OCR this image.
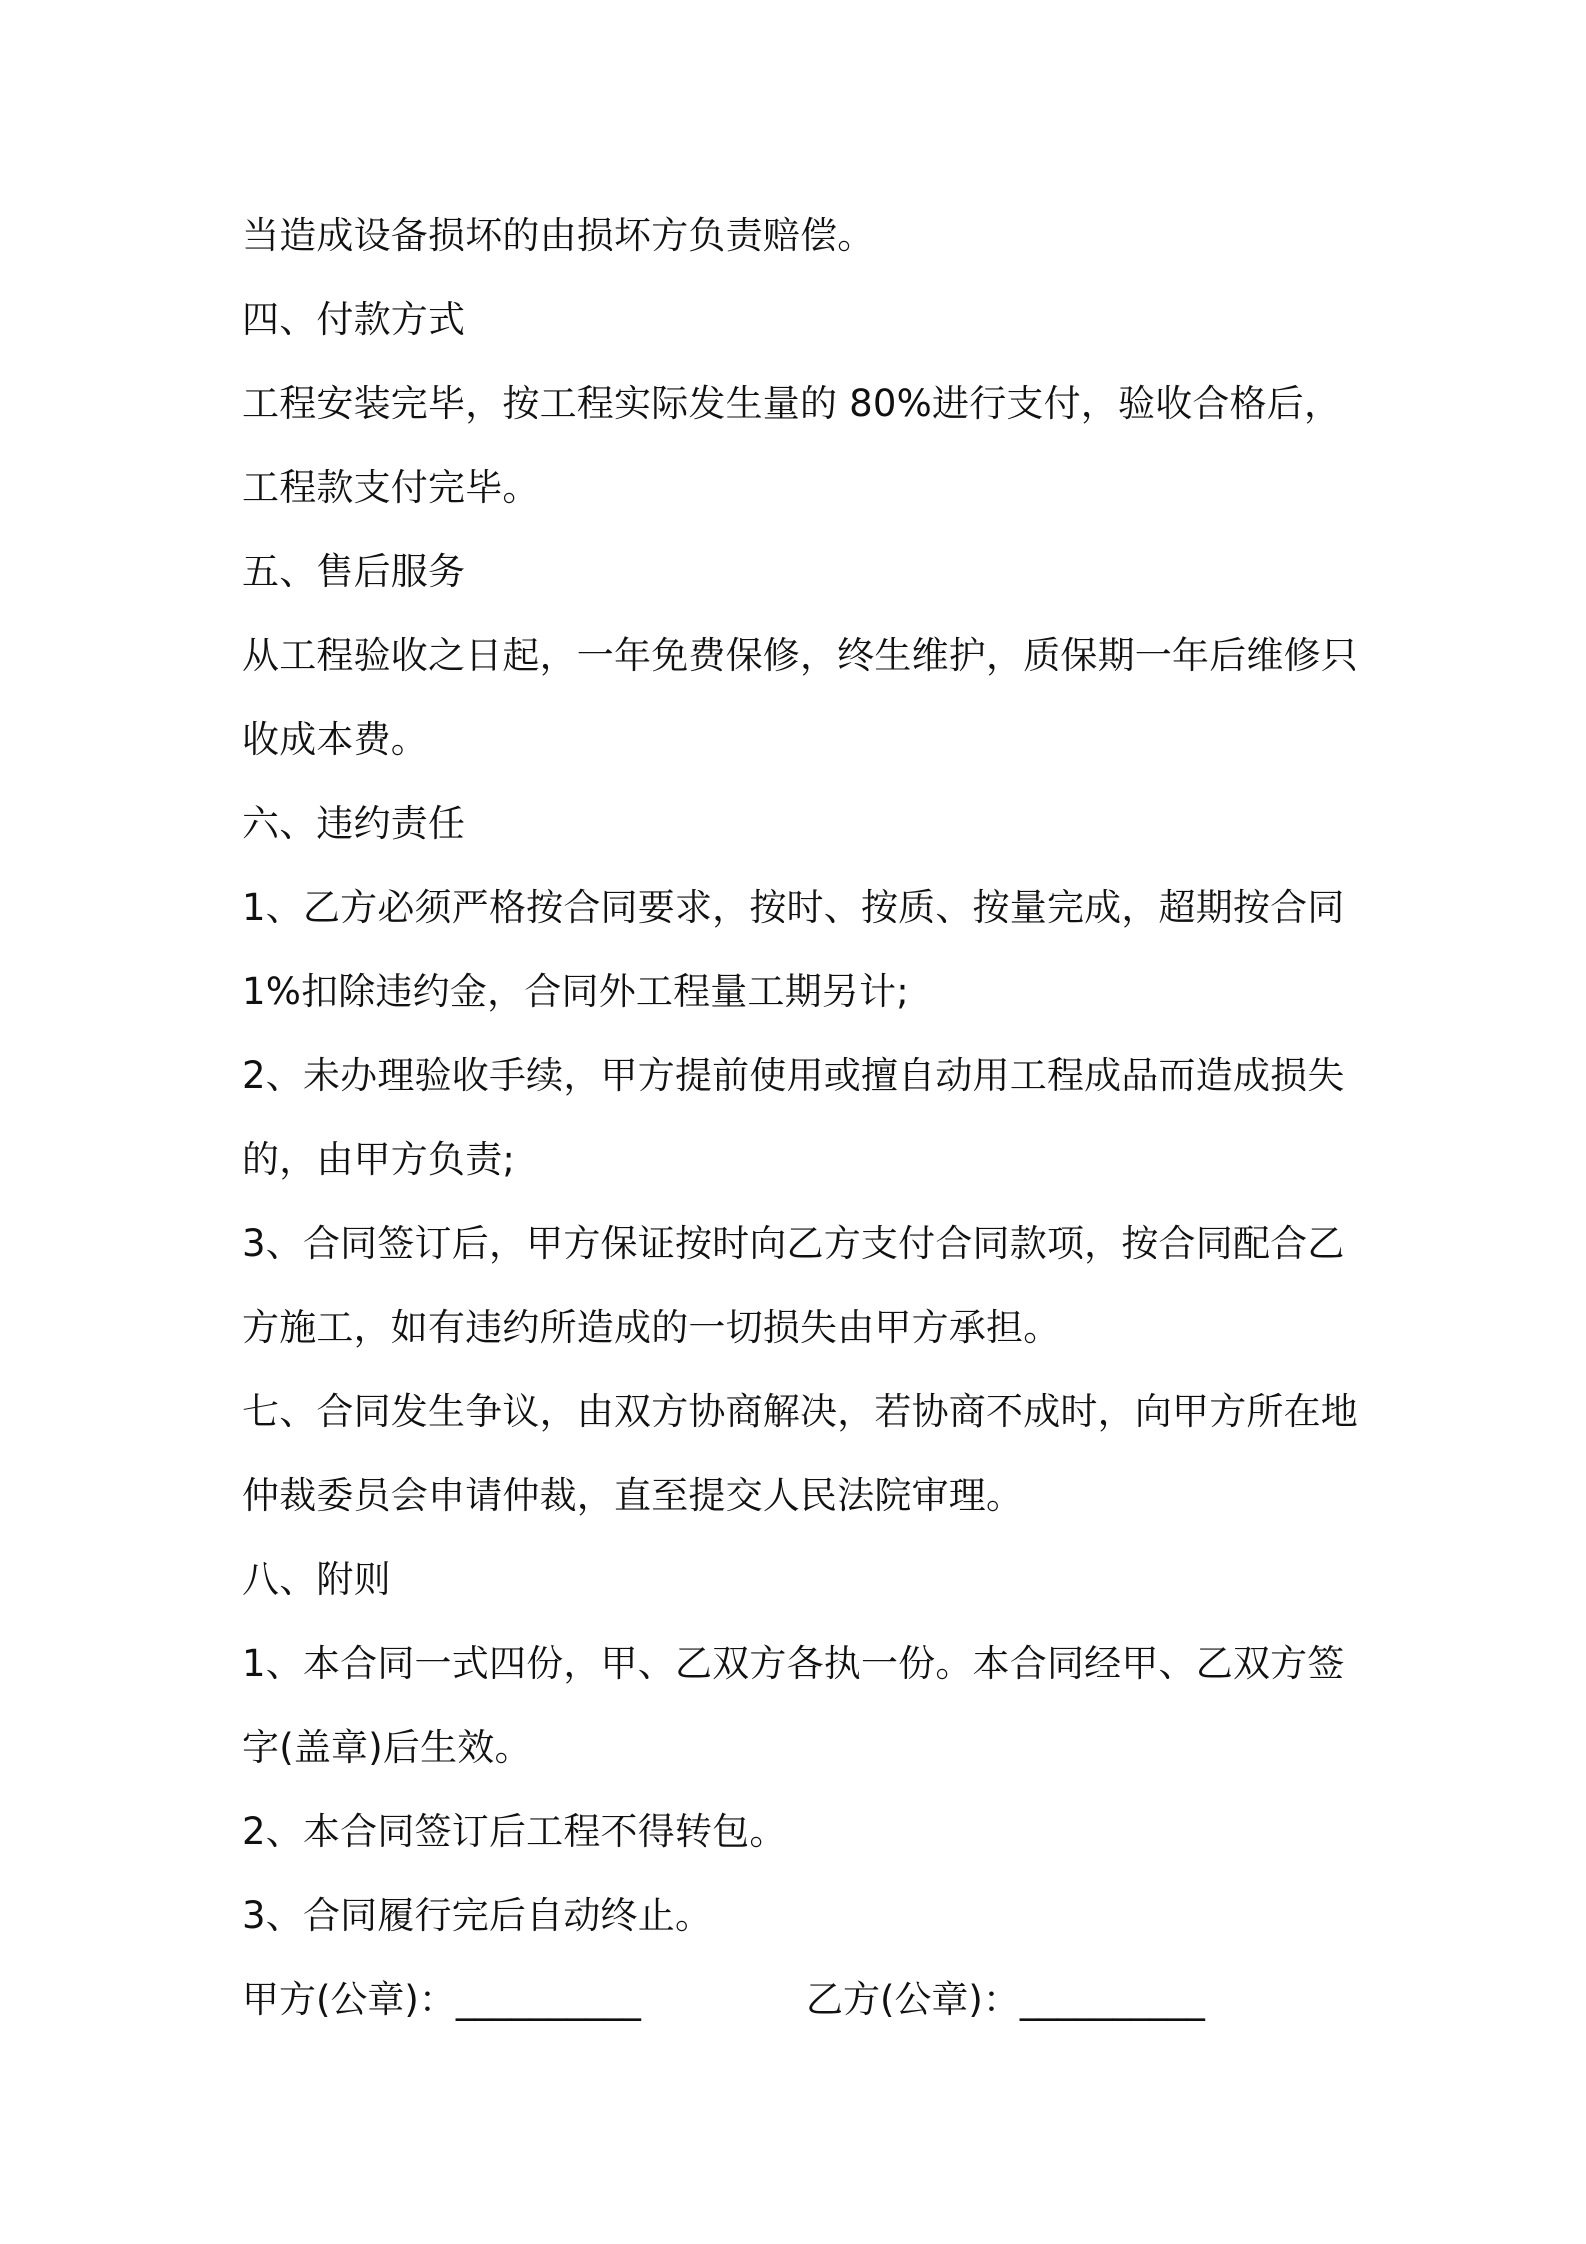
当造成设备损坏的由损坏方负责赔偿。
四、付款方式
工程安装完毕，按工程实际发生量的 80%进行支付，验收合格后，
工程款支付完毕。
五、售后服务
从工程验收之日起，一年免费保修，终生维护，质保期一年后维修只
收成本费。
六、违约责任
1、乙方必须严格按合同要求，按时、按质、按量完成，超期按合同
1%扣除违约金，合同外工程量工期另计;
2、未办理验收手续，甲方提前使用或擅自动用工程成品而造成损失
的，由甲方负责;
3、合同签订后，甲方保证按时向乙方支付合同款项，按合同配合乙
方施工，如有违约所造成的一切损失由甲方承担。
七、合同发生争议，由双方协商解决，若协商不成时，向甲方所在地
仲裁委员会申请仲裁，直至提交人民法院审理。
八、附则
1、本合同一式四份，甲、乙双方各执一份。本合同经甲、乙双方签
字(盖章)后生效。
2、本合同签订后工程不得转包。
3、合同履行完后自动终止。
甲方(公章)：__________	乙方(公章)：__________
